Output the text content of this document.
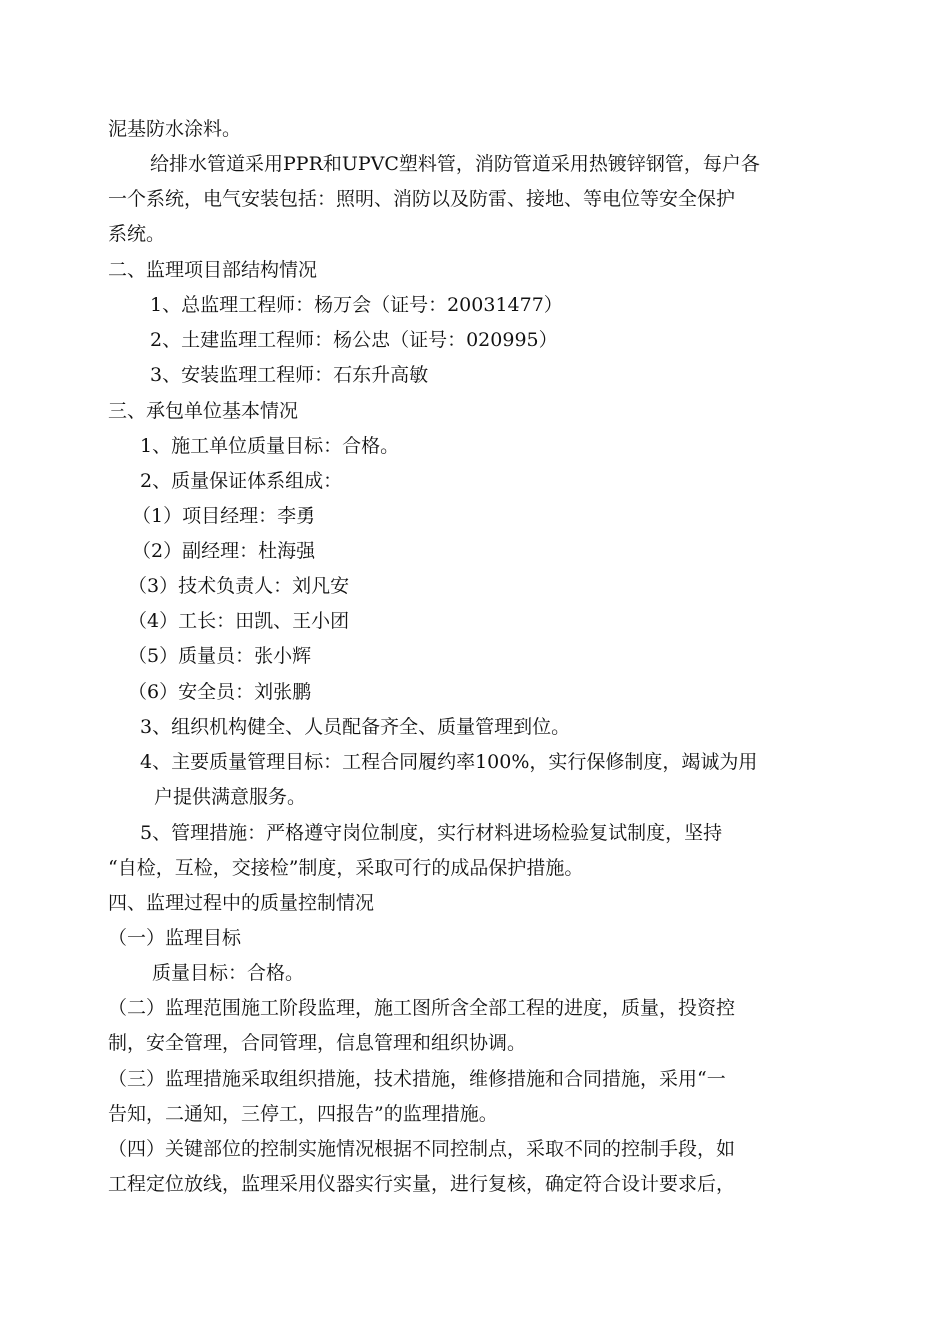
泥基防水涂料。

给排水管道采用PPR和UPVC塑料管，消防管道采用热镀锌钢管，每户各

一个系统，电气安装包括：照明、消防以及防雷、接地、等电位等安全保护

系统。

二、监理项目部结构情况

1、总监理工程师：杨万会（证号：20031477）

2、土建监理工程师：杨公忠（证号：020995）

3、安装监理工程师：石东升高敏

三、承包单位基本情况

1、施工单位质量目标：合格。

2、质量保证体系组成：

（1）项目经理：李勇

（2）副经理：杜海强

（3）技术负责人：刘凡安

（4）工长：田凯、王小团

（5）质量员：张小辉

（6）安全员：刘张鹏

3、组织机构健全、人员配备齐全、质量管理到位。

4、主要质量管理目标：工程合同履约率100%，实行保修制度，竭诚为用

户提供满意服务。

5、管理措施：严格遵守岗位制度，实行材料进场检验复试制度，坚持

“自检，互检，交接检”制度，采取可行的成品保护措施。

四、监理过程中的质量控制情况

（一）监理目标

质量目标：合格。

（二）监理范围施工阶段监理，施工图所含全部工程的进度，质量，投资控

制，安全管理，合同管理，信息管理和组织协调。

（三）监理措施采取组织措施，技术措施，维修措施和合同措施，采用“一

告知，二通知，三停工，四报告”的监理措施。

（四）关键部位的控制实施情况根据不同控制点，采取不同的控制手段，如

工程定位放线，监理采用仪器实行实量，进行复核，确定符合设计要求后，
